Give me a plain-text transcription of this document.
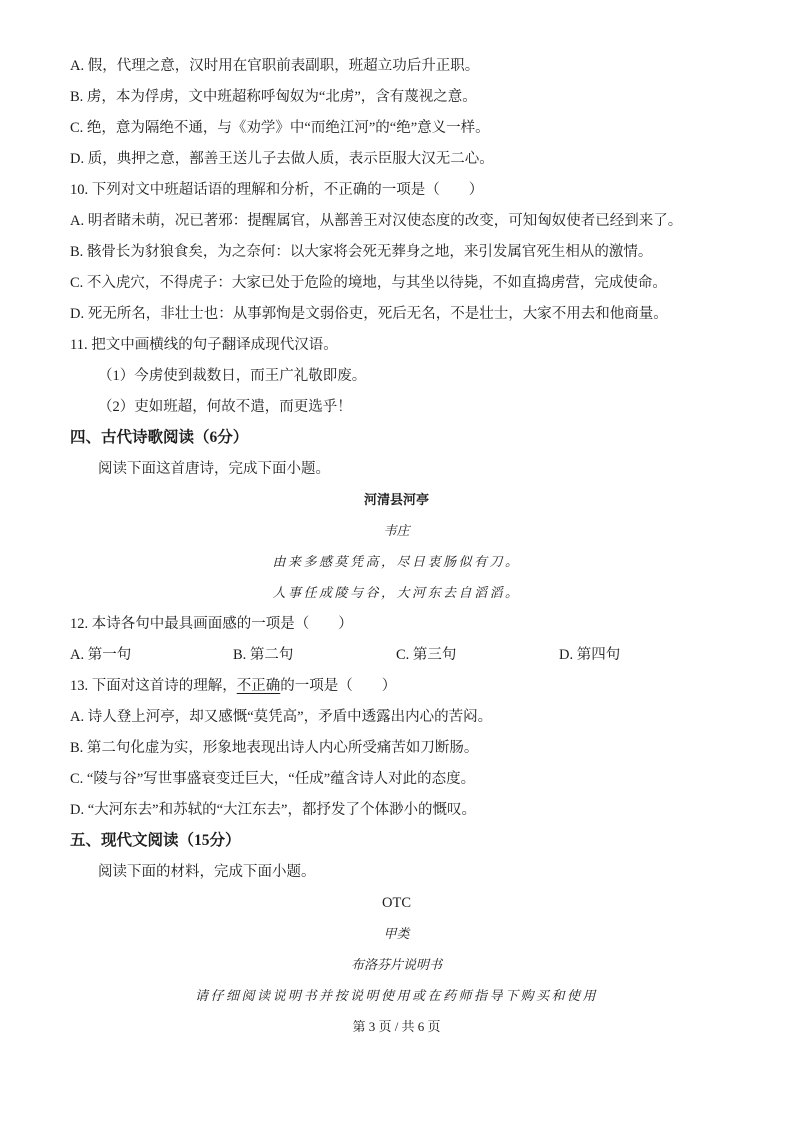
A. 假，代理之意，汉时用在官职前表副职，班超立功后升正职。

B. 虏，本为俘虏，文中班超称呼匈奴为“北虏”，含有蔑视之意。

C. 绝，意为隔绝不通，与《劝学》中“而绝江河”的“绝”意义一样。

D. 质，典押之意，鄯善王送儿子去做人质，表示臣服大汉无二心。

10. 下列对文中班超话语的理解和分析，不正确的一项是（　　）

A. 明者睹未萌，况已著邪：提醒属官，从鄯善王对汉使态度的改变，可知匈奴使者已经到来了。

B. 骸骨长为豺狼食矣，为之奈何：以大家将会死无葬身之地，来引发属官死生相从的激情。

C. 不入虎穴，不得虎子：大家已处于危险的境地，与其坐以待毙，不如直捣虏营，完成使命。

D. 死无所名，非壮士也：从事郭恂是文弱俗吏，死后无名，不是壮士，大家不用去和他商量。

11. 把文中画横线的句子翻译成现代汉语。

（1）今虏使到裁数日，而王广礼敬即废。

（2）吏如班超，何故不遣，而更选乎！

四、古代诗歌阅读（6分）

阅读下面这首唐诗，完成下面小题。

河清县河亭

韦庄

由来多感莫凭高，尽日衷肠似有刀。

人事任成陵与谷，大河东去自滔滔。

12. 本诗各句中最具画面感的一项是（　　）

A. 第一句	B. 第二句	C. 第三句	D. 第四句

13. 下面对这首诗的理解，不正确的一项是（　　）

A. 诗人登上河亭，却又感慨“莫凭高”，矛盾中透露出内心的苦闷。

B. 第二句化虚为实，形象地表现出诗人内心所受痛苦如刀断肠。

C. “陵与谷”写世事盛衰变迁巨大，“任成”蕴含诗人对此的态度。

D. “大河东去”和苏轼的“大江东去”，都抒发了个体渺小的慨叹。

五、现代文阅读（15分）

阅读下面的材料，完成下面小题。

OTC

甲类

布洛芬片说明书

请仔细阅读说明书并按说明使用或在药师指导下购买和使用

第 3 页 / 共 6 页
